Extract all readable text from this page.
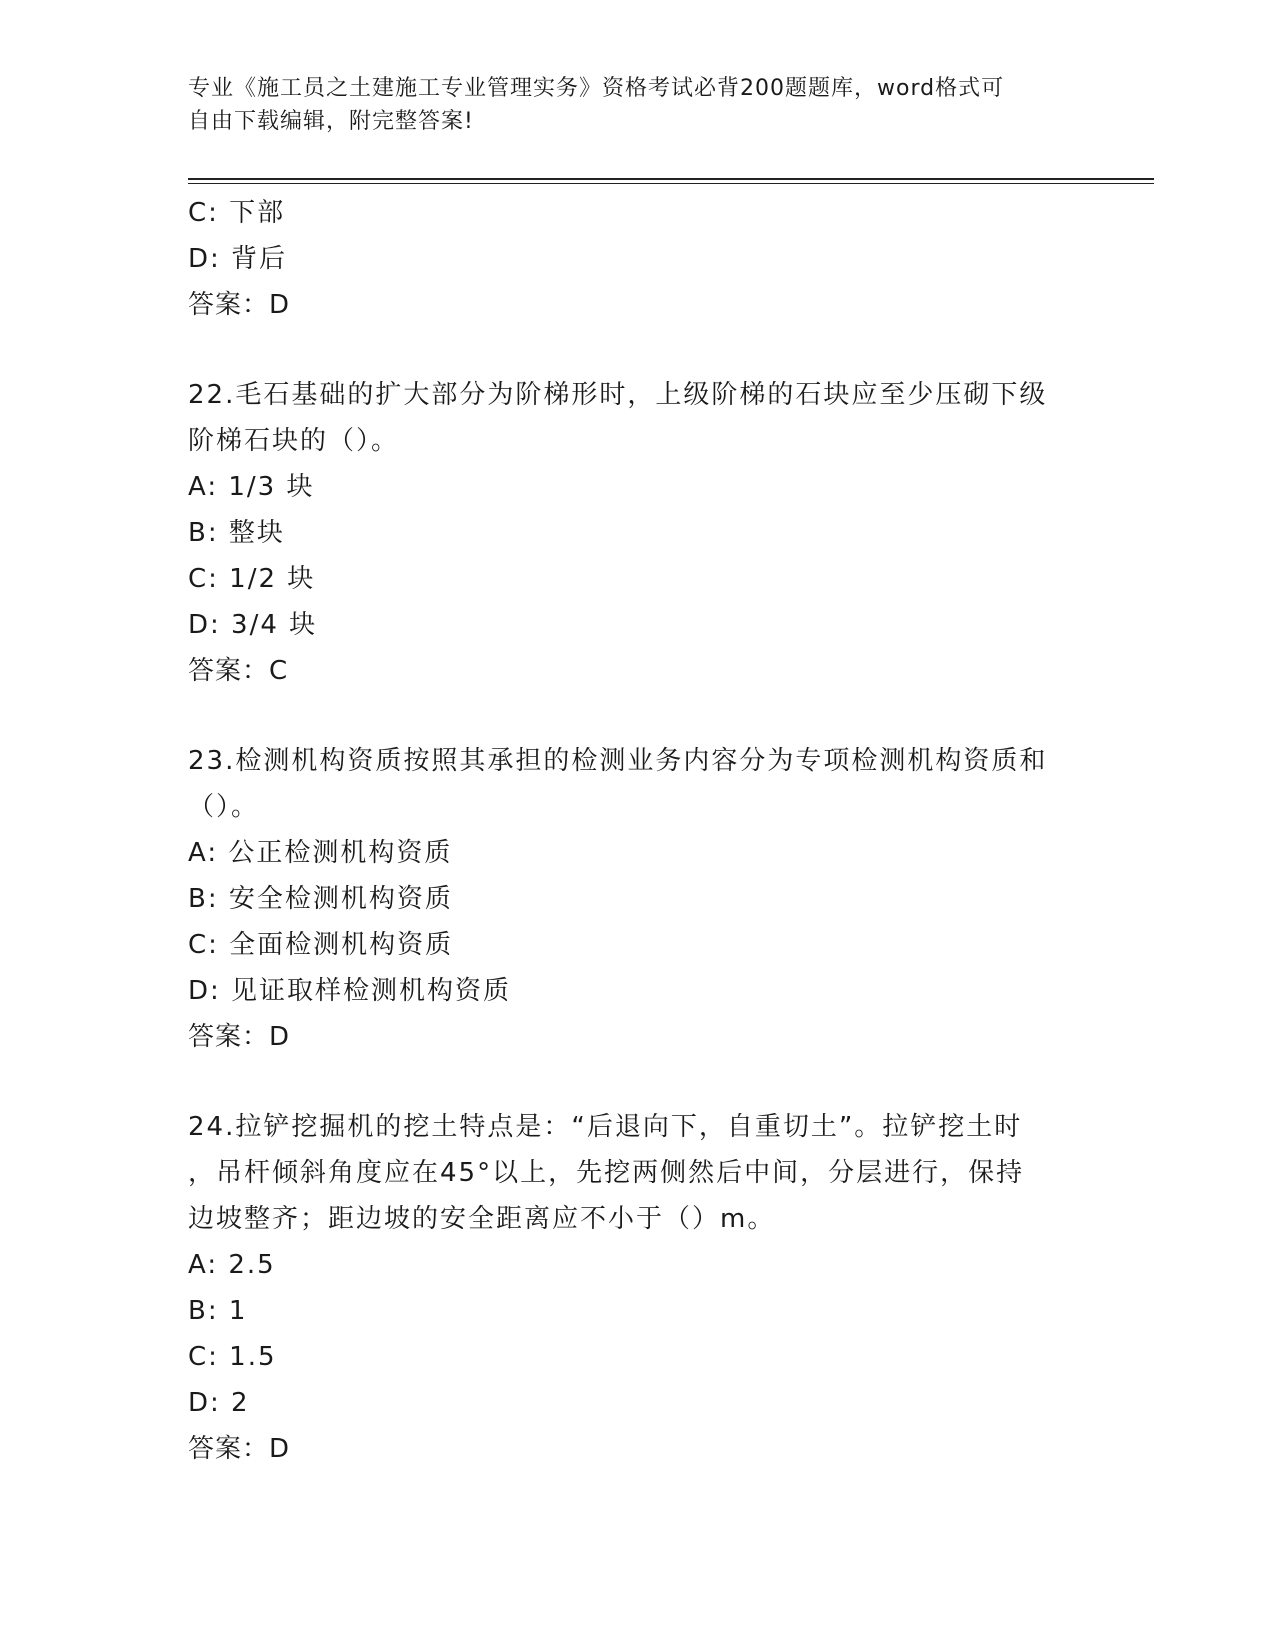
专业《施工员之土建施工专业管理实务》资格考试必背200题题库，word格式可
自由下载编辑，附完整答案!
C: 下部
D: 背后
答案：D
22.毛石基础的扩大部分为阶梯形时，上级阶梯的石块应至少压砌下级
阶梯石块的（）。
A: 1/3 块
B: 整块
C: 1/2 块
D: 3/4 块
答案：C
23.检测机构资质按照其承担的检测业务内容分为专项检测机构资质和
（）。
A: 公正检测机构资质
B: 安全检测机构资质
C: 全面检测机构资质
D: 见证取样检测机构资质
答案：D
24.拉铲挖掘机的挖土特点是：“后退向下，自重切土”。拉铲挖土时
，吊杆倾斜角度应在45°以上，先挖两侧然后中间，分层进行，保持
边坡整齐；距边坡的安全距离应不小于（）m。
A: 2.5
B: 1
C: 1.5
D: 2
答案：D
